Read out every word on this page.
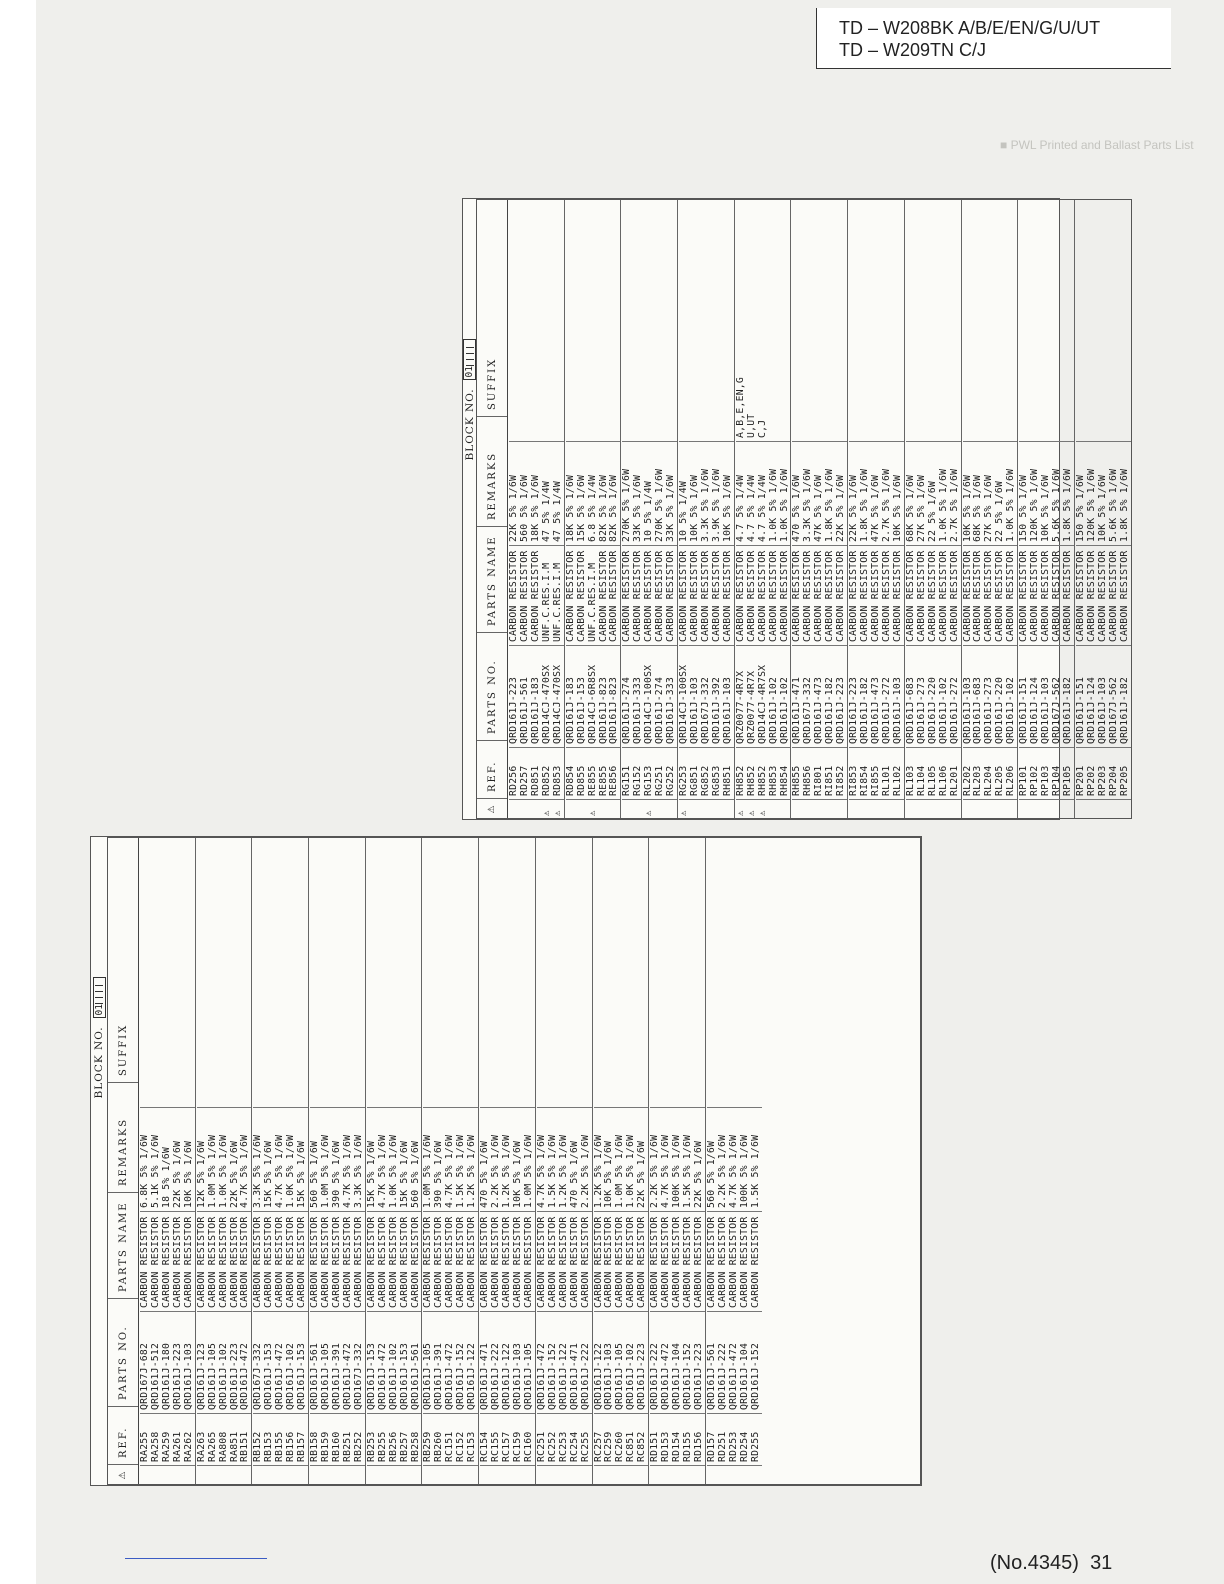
TD – W208BK A/B/E/EN/G/U/UT
TD – W209TN C/J
■ PWL Printed and Ballast Parts List
BLOCK NO.
01
⚠
REF.
PARTS NO.
PARTS NAME
REMARKS
SUFFIX
RA255
QRD167J-682
CARBON RESISTOR
6.8K 5% 1/6W
RA258
QRD161J-512
CARBON RESISTOR
5.1K 5% 1/6W
RA259
QRD161J-180
CARBON RESISTOR
18 5% 1/6W
RA261
QRD161J-223
CARBON RESISTOR
22K 5% 1/6W
RA262
QRD161J-103
CARBON RESISTOR
10K 5% 1/6W
RA263
QRD161J-123
CARBON RESISTOR
12K 5% 1/6W
RA265
QRD161J-105
CARBON RESISTOR
1.0M 5% 1/6W
RA808
QRD161J-102
CARBON RESISTOR
1.0K 5% 1/6W
RA851
QRD161J-223
CARBON RESISTOR
22K 5% 1/6W
RB151
QRD161J-472
CARBON RESISTOR
4.7K 5% 1/6W
RB152
QRD167J-332
CARBON RESISTOR
3.3K 5% 1/6W
RB153
QRD161J-153
CARBON RESISTOR
15K 5% 1/6W
RB155
QRD161J-472
CARBON RESISTOR
4.7K 5% 1/6W
RB156
QRD161J-102
CARBON RESISTOR
1.0K 5% 1/6W
RB157
QRD161J-153
CARBON RESISTOR
15K 5% 1/6W
RB158
QRD161J-561
CARBON RESISTOR
560 5% 1/6W
RB159
QRD161J-105
CARBON RESISTOR
1.0M 5% 1/6W
RB160
QRD161J-391
CARBON RESISTOR
390 5% 1/6W
RB251
QRD161J-472
CARBON RESISTOR
4.7K 5% 1/6W
RB252
QRD167J-332
CARBON RESISTOR
3.3K 5% 1/6W
RB253
QRD161J-153
CARBON RESISTOR
15K 5% 1/6W
RB255
QRD161J-472
CARBON RESISTOR
4.7K 5% 1/6W
RB256
QRD161J-102
CARBON RESISTOR
1.0K 5% 1/6W
RB257
QRD161J-153
CARBON RESISTOR
15K 5% 1/6W
RB258
QRD161J-561
CARBON RESISTOR
560 5% 1/6W
RB259
QRD161J-105
CARBON RESISTOR
1.0M 5% 1/6W
RB260
QRD161J-391
CARBON RESISTOR
390 5% 1/6W
RC151
QRD161J-472
CARBON RESISTOR
4.7K 5% 1/6W
RC152
QRD161J-152
CARBON RESISTOR
1.5K 5% 1/6W
RC153
QRD161J-122
CARBON RESISTOR
1.2K 5% 1/6W
RC154
QRD161J-471
CARBON RESISTOR
470 5% 1/6W
RC155
QRD161J-222
CARBON RESISTOR
2.2K 5% 1/6W
RC157
QRD161J-122
CARBON RESISTOR
1.2K 5% 1/6W
RC159
QRD161J-103
CARBON RESISTOR
10K 5% 1/6W
RC160
QRD161J-105
CARBON RESISTOR
1.0M 5% 1/6W
RC251
QRD161J-472
CARBON RESISTOR
4.7K 5% 1/6W
RC252
QRD161J-152
CARBON RESISTOR
1.5K 5% 1/6W
RC253
QRD161J-122
CARBON RESISTOR
1.2K 5% 1/6W
RC254
QRD161J-471
CARBON RESISTOR
470 5% 1/6W
RC255
QRD161J-222
CARBON RESISTOR
2.2K 5% 1/6W
RC257
QRD161J-122
CARBON RESISTOR
1.2K 5% 1/6W
RC259
QRD161J-103
CARBON RESISTOR
10K 5% 1/6W
RC260
QRD161J-105
CARBON RESISTOR
1.0M 5% 1/6W
RC851
QRD161J-102
CARBON RESISTOR
1.0K 5% 1/6W
RC852
QRD161J-223
CARBON RESISTOR
22K 5% 1/6W
RD151
QRD161J-222
CARBON RESISTOR
2.2K 5% 1/6W
RD153
QRD161J-472
CARBON RESISTOR
4.7K 5% 1/6W
RD154
QRD161J-104
CARBON RESISTOR
100K 5% 1/6W
RD155
QRD161J-152
CARBON RESISTOR
1.5K 5% 1/6W
RD156
QRD161J-223
CARBON RESISTOR
22K 5% 1/6W
RD157
QRD161J-561
CARBON RESISTOR
560 5% 1/6W
RD251
QRD161J-222
CARBON RESISTOR
2.2K 5% 1/6W
RD253
QRD161J-472
CARBON RESISTOR
4.7K 5% 1/6W
RD254
QRD161J-104
CARBON RESISTOR
100K 5% 1/6W
RD255
QRD161J-152
CARBON RESISTOR
1.5K 5% 1/6W
BLOCK NO.
01
⚠
REF.
PARTS NO.
PARTS NAME
REMARKS
SUFFIX
RD256
QRD161J-223
CARBON RESISTOR
22K 5% 1/6W
RD257
QRD161J-561
CARBON RESISTOR
560 5% 1/6W
RD851
QRD161J-183
CARBON RESISTOR
18K 5% 1/6W
⚠
RD852
QRD14CJ-470SX
UNF.C.RES.I.M
47 5% 1/4W
⚠
RD853
QRD14CJ-470SX
UNF.C.RES.I.M
47 5% 1/4W
RD854
QRD161J-183
CARBON RESISTOR
18K 5% 1/6W
RD855
QRD161J-153
CARBON RESISTOR
15K 5% 1/6W
⚠
RE855
QRD14CJ-6R8SX
UNF.C.RES.I.M
6.8 5% 1/4W
RE855
QRD161J-823
CARBON RESISTOR
82K 5% 1/6W
RE856
QRD161J-823
CARBON RESISTOR
82K 5% 1/6W
RG151
QRD161J-274
CARBON RESISTOR
270K 5% 1/6W
RG152
QRD161J-333
CARBON RESISTOR
33K 5% 1/6W
⚠
RG153
QRD14CJ-100SX
CARBON RESISTOR
10 5% 1/4W
RG251
QRD161J-274
CARBON RESISTOR
270K 5% 1/6W
RG252
QRD161J-333
CARBON RESISTOR
33K 5% 1/6W
⚠
RG253
QRD14CJ-100SX
CARBON RESISTOR
10 5% 1/4W
RG851
QRD161J-103
CARBON RESISTOR
10K 5% 1/6W
RG852
QRD167J-332
CARBON RESISTOR
3.3K 5% 1/6W
RG853
QRD161J-392
CARBON RESISTOR
3.9K 5% 1/6W
RH851
QRD161J-103
CARBON RESISTOR
10K 5% 1/6W
⚠
RH852
QRZ0077-4R7X
CARBON RESISTOR
4.7 5% 1/4W
A,B,E,EN,G
⚠
RH852
QRZ0077-4R7X
CARBON RESISTOR
4.7 5% 1/4W
U,UT
⚠
RH852
QRD14CJ-4R7SX
CARBON RESISTOR
4.7 5% 1/4W
C,J
RH853
QRD161J-102
CARBON RESISTOR
1.0K 5% 1/6W
RH854
QRD161J-102
CARBON RESISTOR
1.0K 5% 1/6W
RH855
QRD161J-471
CARBON RESISTOR
470 5% 1/6W
RH856
QRD167J-332
CARBON RESISTOR
3.3K 5% 1/6W
RI801
QRD161J-473
CARBON RESISTOR
47K 5% 1/6W
RI851
QRD161J-182
CARBON RESISTOR
1.8K 5% 1/6W
RI852
QRD161J-223
CARBON RESISTOR
22K 5% 1/6W
RI853
QRD161J-223
CARBON RESISTOR
22K 5% 1/6W
RI854
QRD161J-182
CARBON RESISTOR
1.8K 5% 1/6W
RI855
QRD161J-473
CARBON RESISTOR
47K 5% 1/6W
RL101
QRD161J-272
CARBON RESISTOR
2.7K 5% 1/6W
RL102
QRD161J-103
CARBON RESISTOR
10K 5% 1/6W
RL103
QRD161J-683
CARBON RESISTOR
68K 5% 1/6W
RL104
QRD161J-273
CARBON RESISTOR
27K 5% 1/6W
RL105
QRD161J-220
CARBON RESISTOR
22 5% 1/6W
RL106
QRD161J-102
CARBON RESISTOR
1.0K 5% 1/6W
RL201
QRD161J-272
CARBON RESISTOR
2.7K 5% 1/6W
RL202
QRD161J-103
CARBON RESISTOR
10K 5% 1/6W
RL203
QRD161J-683
CARBON RESISTOR
68K 5% 1/6W
RL204
QRD161J-273
CARBON RESISTOR
27K 5% 1/6W
RL205
QRD161J-220
CARBON RESISTOR
22 5% 1/6W
RL206
QRD161J-102
CARBON RESISTOR
1.0K 5% 1/6W
RP101
QRD161J-151
CARBON RESISTOR
150 5% 1/6W
RP102
QRD161J-124
CARBON RESISTOR
120K 5% 1/6W
RP103
QRD161J-103
CARBON RESISTOR
10K 5% 1/6W
RP104
QRD167J-562
CARBON RESISTOR
5.6K 5% 1/6W
RP105
QRD161J-182
CARBON RESISTOR
1.8K 5% 1/6W
RP201
QRD161J-151
CARBON RESISTOR
150 5% 1/6W
RP202
QRD161J-124
CARBON RESISTOR
120K 5% 1/6W
RP203
QRD161J-103
CARBON RESISTOR
10K 5% 1/6W
RP204
QRD167J-562
CARBON RESISTOR
5.6K 5% 1/6W
RP205
QRD161J-182
CARBON RESISTOR
1.8K 5% 1/6W
(No.4345) 31
